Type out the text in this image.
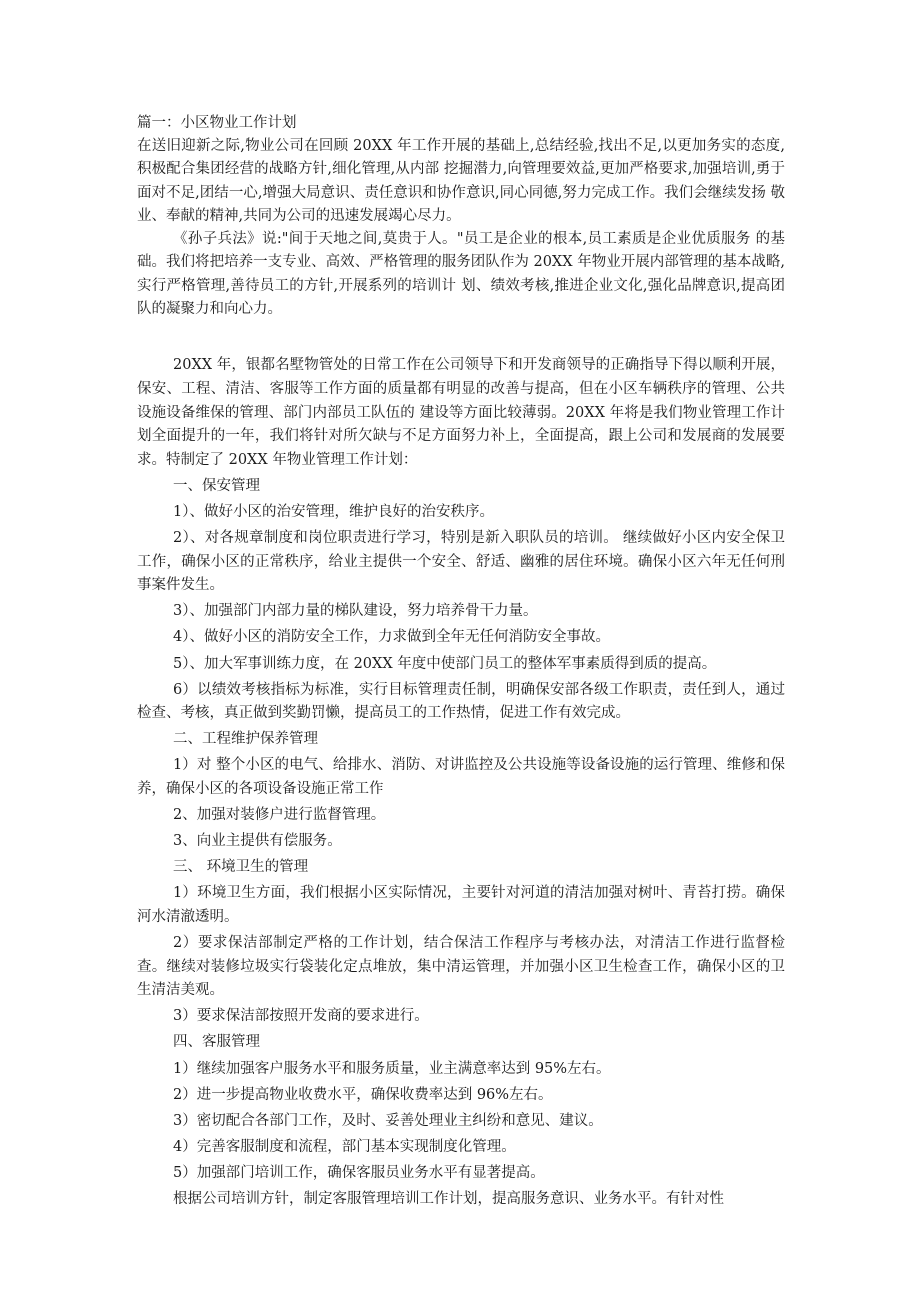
篇一：小区物业工作计划

在送旧迎新之际,物业公司在回顾 20XX 年工作开展的基础上,总结经验,找出不足,以更加务实的态度,积极配合集团经营的战略方针,细化管理,从内部 挖掘潜力,向管理要效益,更加严格要求,加强培训,勇于面对不足,团结一心,增强大局意识、责任意识和协作意识,同心同德,努力完成工作。我们会继续发扬 敬业、奉献的精神,共同为公司的迅速发展竭心尽力。

《孙子兵法》说:"间于天地之间,莫贵于人。"员工是企业的根本,员工素质是企业优质服务 的基础。我们将把培养一支专业、高效、严格管理的服务团队作为 20XX 年物业开展内部管理的基本战略,实行严格管理,善待员工的方针,开展系列的培训计 划、绩效考核,推进企业文化,强化品牌意识,提高团队的凝聚力和向心力。

20XX 年，银都名墅物管处的日常工作在公司领导下和开发商领导的正确指导下得以顺利开展，保安、工程、清洁、客服等工作方面的质量都有明显的改善与提高，但在小区车辆秩序的管理、公共设施设备维保的管理、部门内部员工队伍的 建设等方面比较薄弱。20XX 年将是我们物业管理工作计划全面提升的一年，我们将针对所欠缺与不足方面努力补上，全面提高，跟上公司和发展商的发展要求。特制定了 20XX 年物业管理工作计划：

一、保安管理

1）、做好小区的治安管理，维护良好的治安秩序。

2）、对各规章制度和岗位职责进行学习，特别是新入职队员的培训。 继续做好小区内安全保卫工作，确保小区的正常秩序，给业主提供一个安全、舒适、幽雅的居住环境。确保小区六年无任何刑事案件发生。

3）、加强部门内部力量的梯队建设，努力培养骨干力量。

4）、做好小区的消防安全工作，力求做到全年无任何消防安全事故。

5）、加大军事训练力度，在 20XX 年度中使部门员工的整体军事素质得到质的提高。

6）以绩效考核指标为标准，实行目标管理责任制，明确保安部各级工作职责，责任到人，通过检查、考核，真正做到奖勤罚懒，提高员工的工作热情，促进工作有效完成。

二、工程维护保养管理

1）对 整个小区的电气、给排水、消防、对讲监控及公共设施等设备设施的运行管理、维修和保养，确保小区的各项设备设施正常工作

2、加强对装修户进行监督管理。

3、向业主提供有偿服务。

三、 环境卫生的管理

1）环境卫生方面，我们根据小区实际情况，主要针对河道的清洁加强对树叶、青苔打捞。确保河水清澈透明。

2）要求保洁部制定严格的工作计划，结合保洁工作程序与考核办法，对清洁工作进行监督检查。继续对装修垃圾实行袋装化定点堆放，集中清运管理，并加强小区卫生检查工作，确保小区的卫生清洁美观。

3）要求保洁部按照开发商的要求进行。

四、客服管理

1）继续加强客户服务水平和服务质量，业主满意率达到 95%左右。

2）进一步提高物业收费水平，确保收费率达到 96%左右。

3）密切配合各部门工作，及时、妥善处理业主纠纷和意见、建议。

4）完善客服制度和流程，部门基本实现制度化管理。

5）加强部门培训工作，确保客服员业务水平有显著提高。

根据公司培训方针，制定客服管理培训工作计划，提高服务意识、业务水平。有针对性
